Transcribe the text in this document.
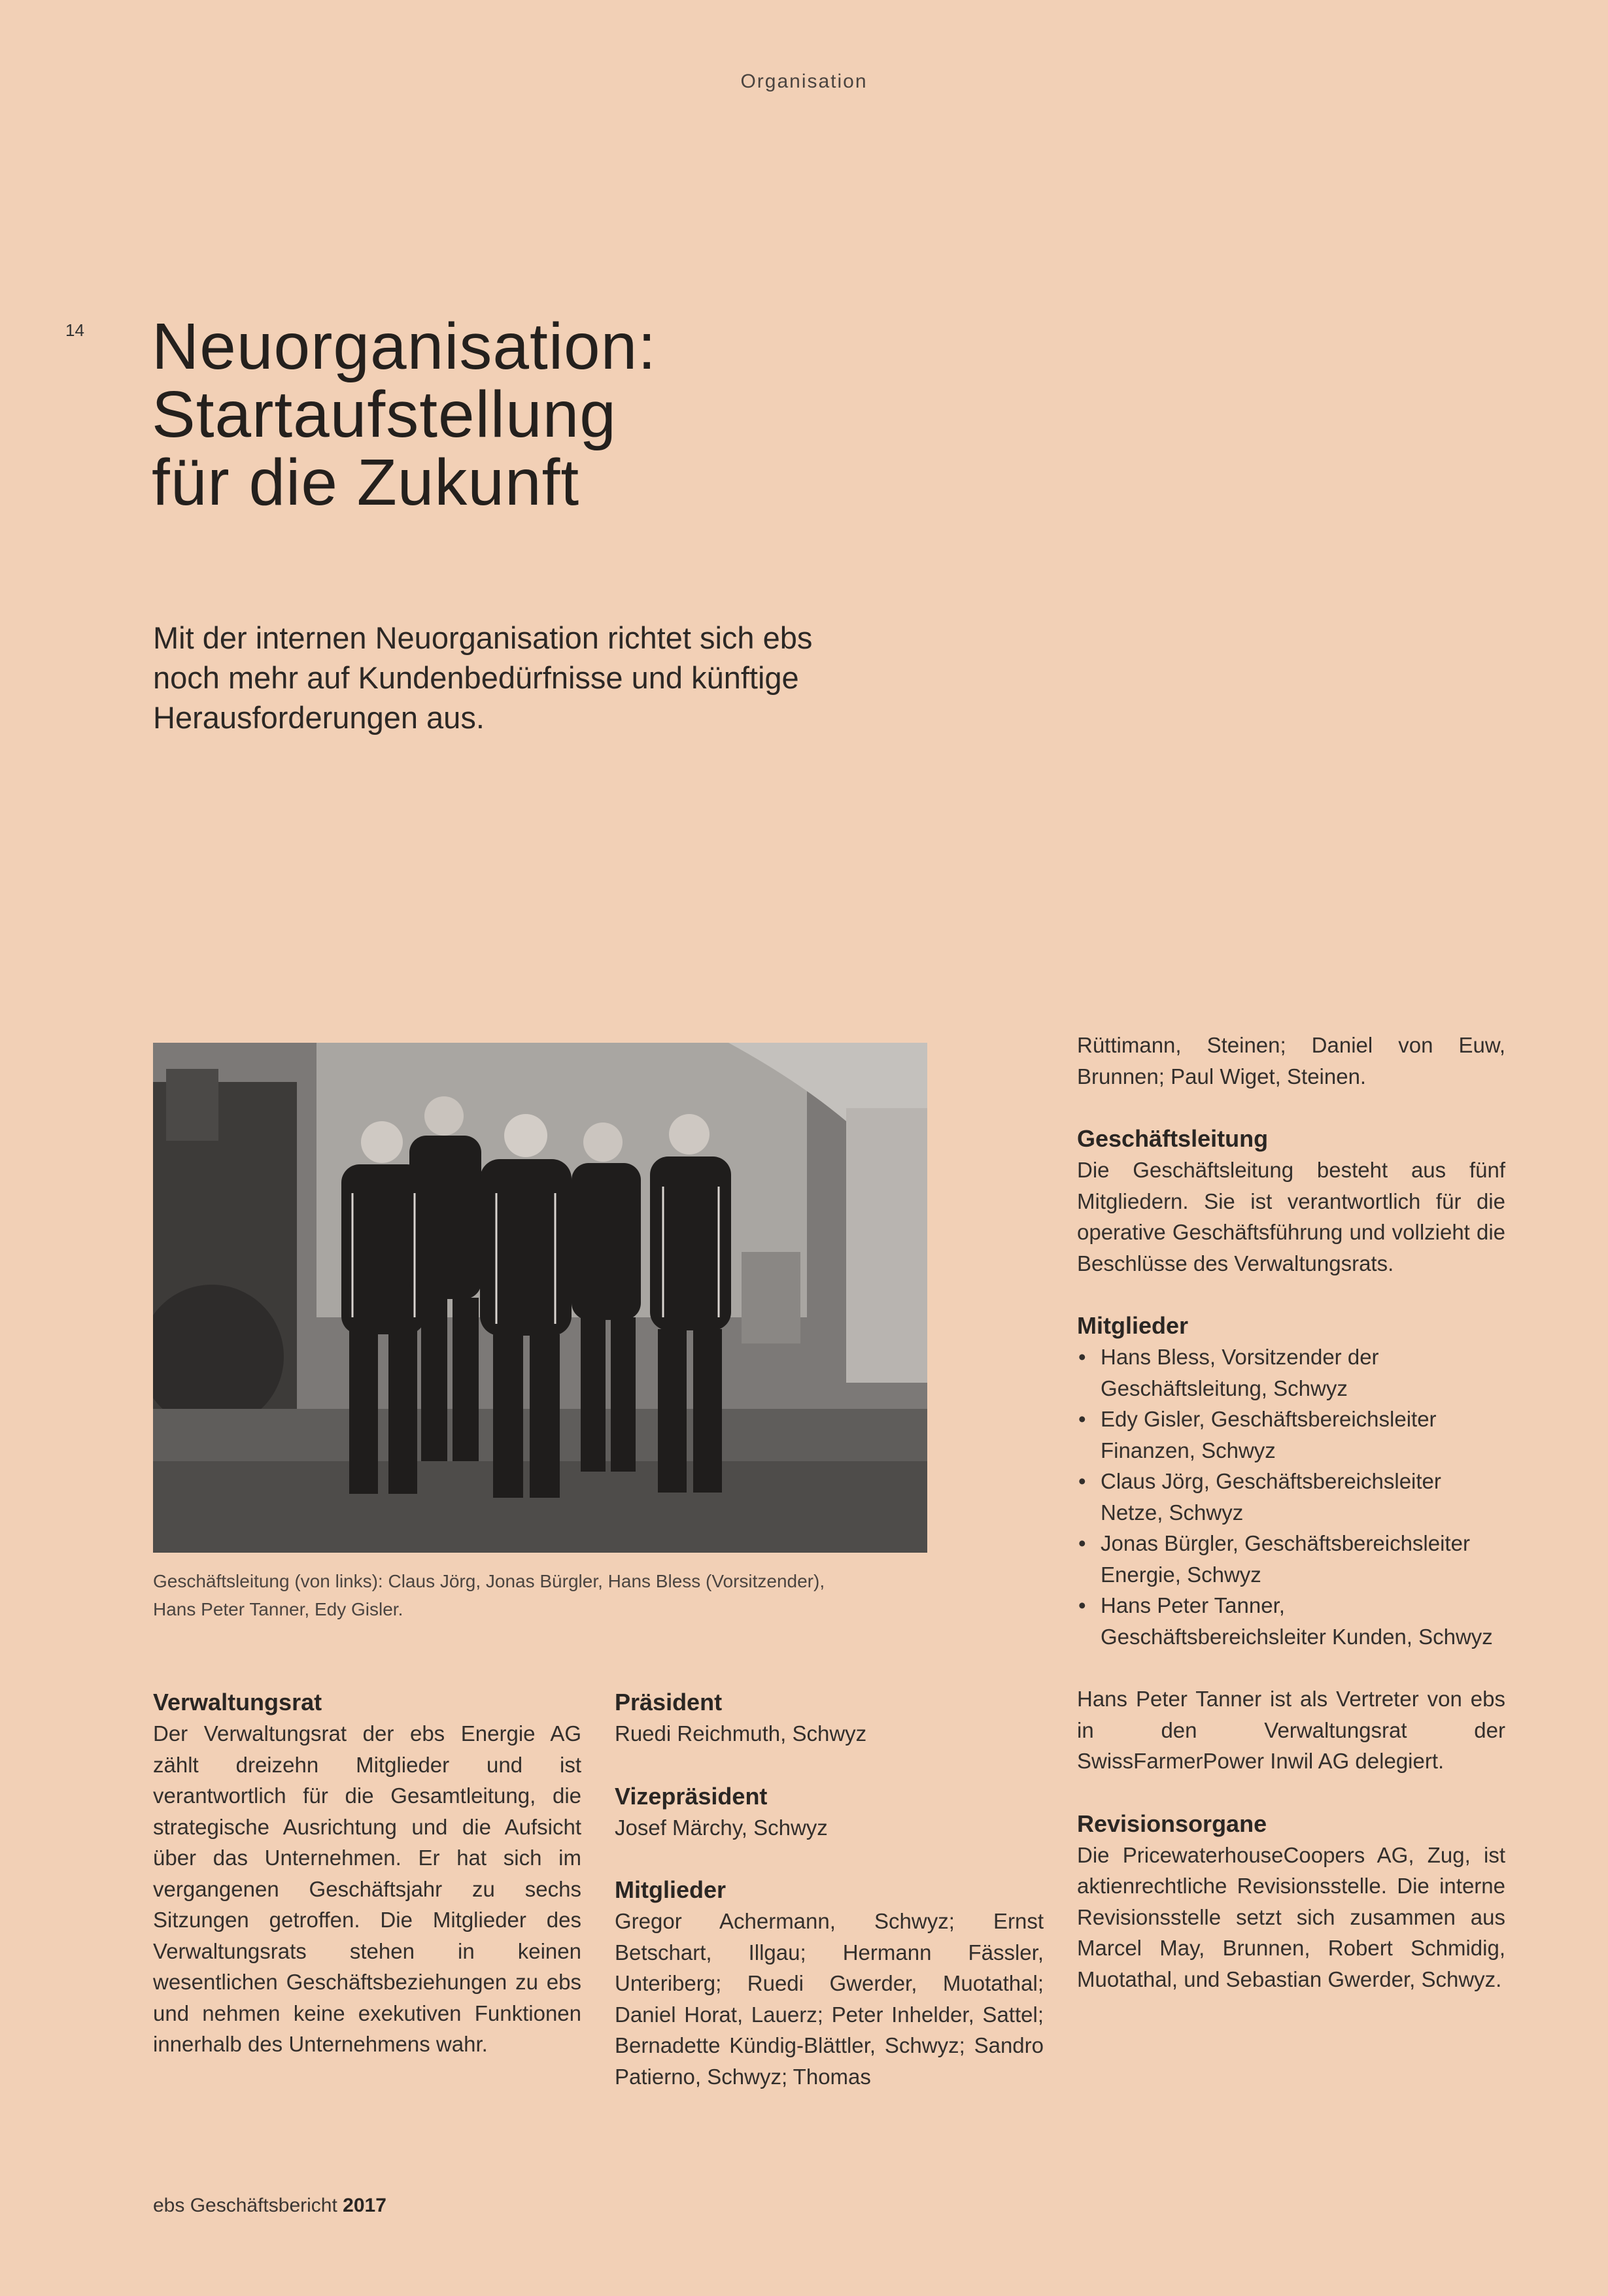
Organisation
14 Neuorganisation:
Startaufstellung
für die Zukunft

Mit der internen Neuorganisation richtet sich ebs
noch mehr auf Kundenbedürfnisse und künftige
Herausforderungen aus.

Geschäftsleitung (von links): Claus Jörg, Jonas Bürgler, Hans Bless (Vorsitzender),
Hans Peter Tanner, Edy Gisler.

Verwaltungsrat

Der Verwaltungsrat der ebs Energie AG zählt dreizehn Mitglieder und ist verantwortlich für die Gesamtleitung, die strategische Ausrichtung und die Aufsicht über das Unternehmen. Er hat sich im vergangenen Geschäftsjahr zu sechs Sitzungen getroffen. Die Mitglieder des Verwaltungsrats stehen in keinen wesentlichen Geschäftsbeziehungen zu ebs und nehmen keine exekutiven Funktionen innerhalb des Unternehmens wahr.

Präsident

Ruedi Reichmuth, Schwyz

Vizepräsident

Josef Märchy, Schwyz

Mitglieder

Gregor Achermann, Schwyz; Ernst Betschart, Illgau; Hermann Fässler, Unteriberg; Ruedi Gwerder, Muotathal; Daniel Horat, Lauerz; Peter Inhelder, Sattel; Bernadette Kündig-Blättler, Schwyz; Sandro Patierno, Schwyz; Thomas

Rüttimann, Steinen; Daniel von Euw, Brunnen; Paul Wiget, Steinen.

Geschäftsleitung

Die Geschäftsleitung besteht aus fünf Mitgliedern. Sie ist verantwortlich für die operative Geschäftsführung und vollzieht die Beschlüsse des Verwaltungsrats.

Mitglieder
• Hans Bless, Vorsitzender der Geschäftsleitung, Schwyz
• Edy Gisler, Geschäftsbereichsleiter Finanzen, Schwyz
• Claus Jörg, Geschäftsbereichsleiter Netze, Schwyz
• Jonas Bürgler, Geschäftsbereichsleiter Energie, Schwyz
• Hans Peter Tanner, Geschäftsbereichsleiter Kunden, Schwyz

Hans Peter Tanner ist als Vertreter von ebs in den Verwaltungsrat der SwissFarmerPower Inwil AG delegiert.

Revisionsorgane

Die PricewaterhouseCoopers AG, Zug, ist aktienrechtliche Revisionsstelle. Die interne Revisionsstelle setzt sich zusammen aus Marcel May, Brunnen, Robert Schmidig, Muotathal, und Sebastian Gwerder, Schwyz.

ebs Geschäftsbericht 2017
